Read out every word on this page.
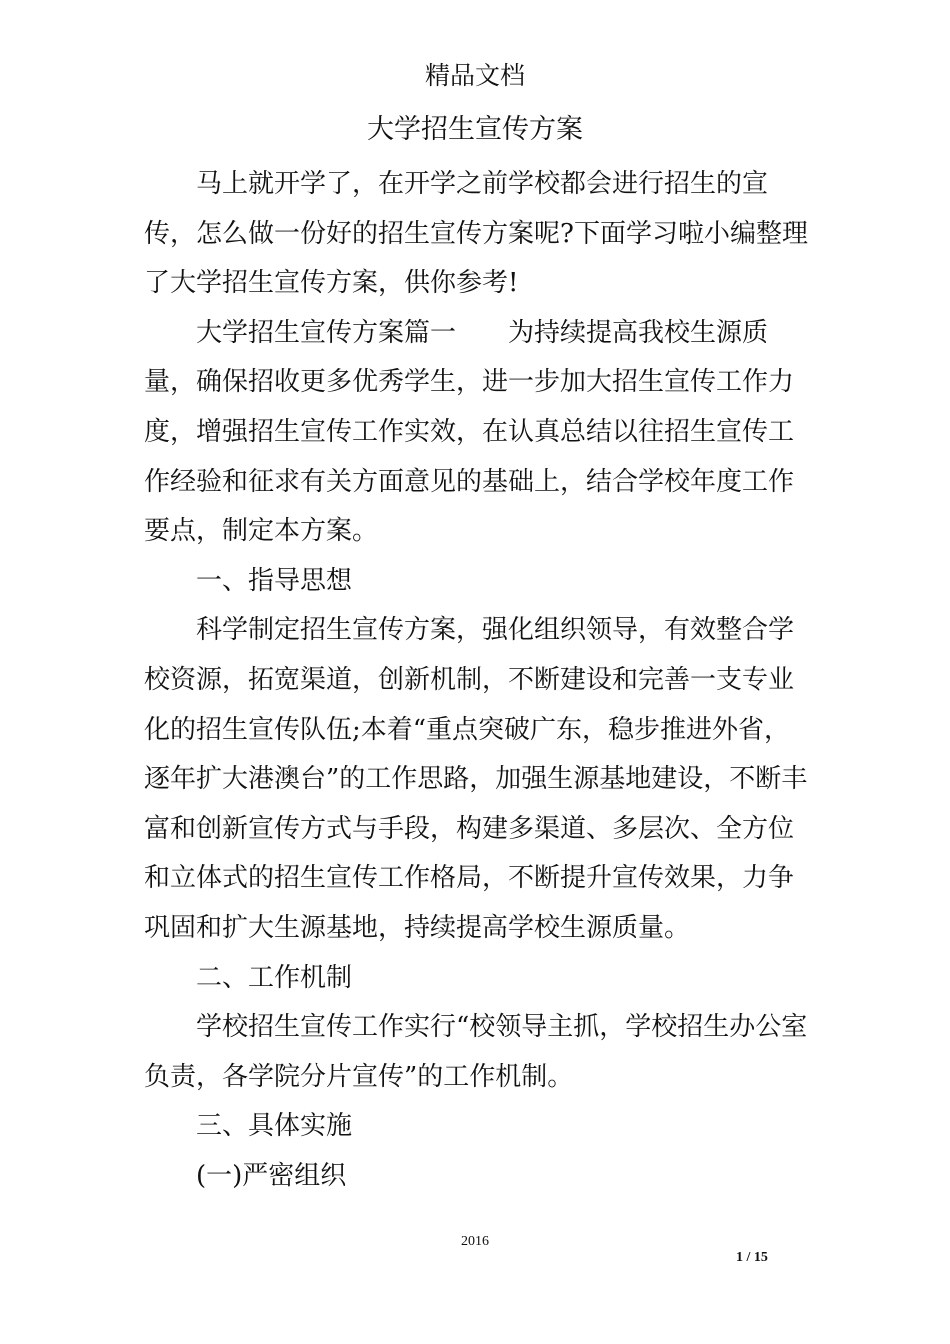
精品文档
大学招生宣传方案

马上就开学了，在开学之前学校都会进行招生的宣传，怎么做一份好的招生宣传方案呢?下面学习啦小编整理了大学招生宣传方案，供你参考!

大学招生宣传方案篇一　　为持续提高我校生源质量，确保招收更多优秀学生，进一步加大招生宣传工作力度，增强招生宣传工作实效，在认真总结以往招生宣传工作经验和征求有关方面意见的基础上，结合学校年度工作要点，制定本方案。

一、指导思想

科学制定招生宣传方案，强化组织领导，有效整合学校资源，拓宽渠道，创新机制，不断建设和完善一支专业化的招生宣传队伍;本着“重点突破广东，稳步推进外省，逐年扩大港澳台”的工作思路，加强生源基地建设，不断丰富和创新宣传方式与手段，构建多渠道、多层次、全方位和立体式的招生宣传工作格局，不断提升宣传效果，力争巩固和扩大生源基地，持续提高学校生源质量。

二、工作机制

学校招生宣传工作实行“校领导主抓，学校招生办公室负责，各学院分片宣传”的工作机制。

三、具体实施

(一)严密组织

2016
1 / 15
